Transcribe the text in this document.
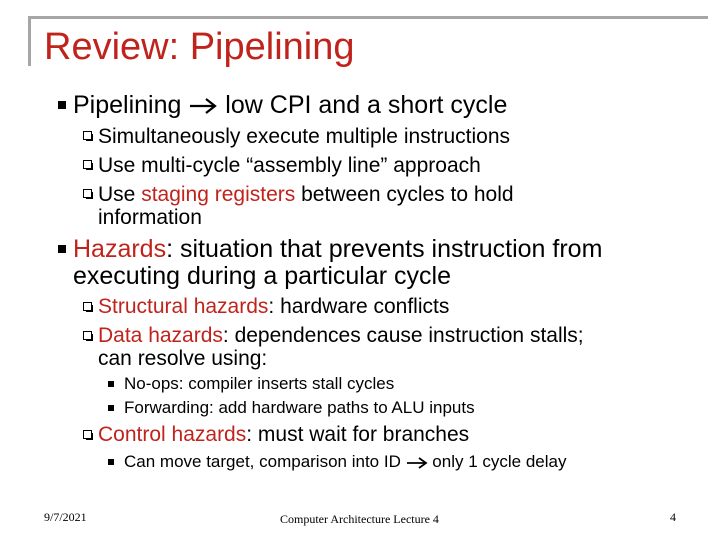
Review: Pipelining
Pipelining  low CPI and a short cycle
Simultaneously execute multiple instructions
Use multi-cycle “assembly line” approach
Use staging registers between cycles to hold
information
Hazards: situation that prevents instruction from
executing during a particular cycle
Structural hazards: hardware conflicts
Data hazards: dependences cause instruction stalls;
can resolve using:
No-ops: compiler inserts stall cycles
Forwarding: add hardware paths to ALU inputs
Control hazards: must wait for branches
Can move target, comparison into ID  only 1 cycle delay
9/7/2021	Computer Architecture Lecture 4	4
